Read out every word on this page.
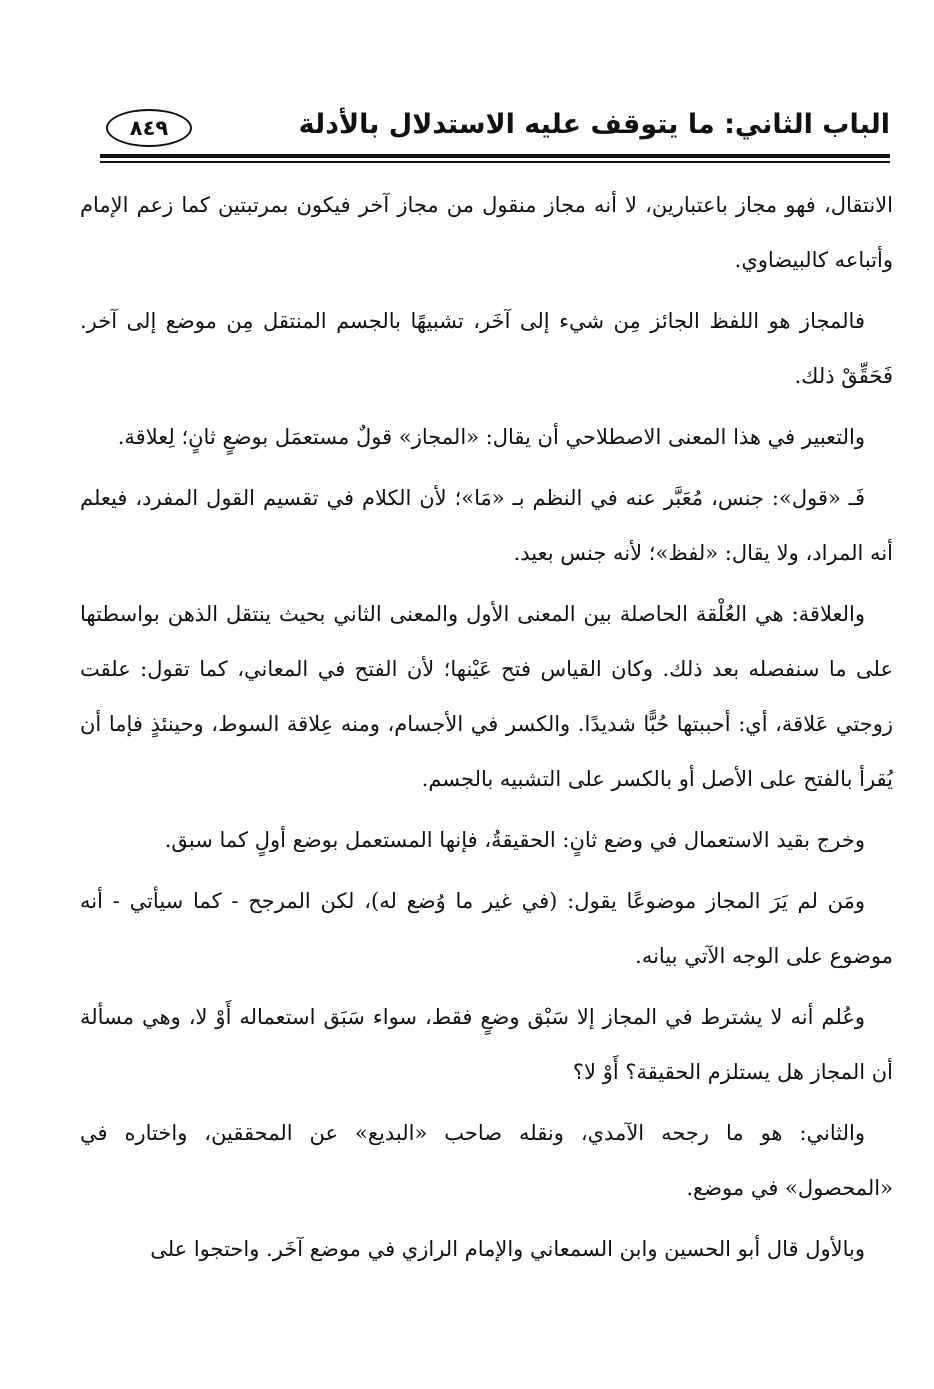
الباب الثاني: ما يتوقف عليه الاستدلال بالأدلة
٨٤٩

الانتقال، فهو مجاز باعتبارين، لا أنه مجاز منقول من مجاز آخر فيكون بمرتبتين كما زعم الإمام وأتباعه كالبيضاوي.

فالمجاز هو اللفظ الجائز مِن شيء إلى آخَر، تشبيهًا بالجسم المنتقل مِن موضع إلى آخر. فَحَقِّقْ ذلك.

والتعبير في هذا المعنى الاصطلاحي أن يقال: «المجاز» قولٌ مستعمَل بوضعٍ ثانٍ؛ لِعلاقة.

فَـ «قول»: جنس، مُعَبَّر عنه في النظم بـ «مَا»؛ لأن الكلام في تقسيم القول المفرد، فيعلم أنه المراد، ولا يقال: «لفظ»؛ لأنه جنس بعيد.

والعلاقة: هي العُلْقة الحاصلة بين المعنى الأول والمعنى الثاني بحيث ينتقل الذهن بواسطتها على ما سنفصله بعد ذلك. وكان القياس فتح عَيْنها؛ لأن الفتح في المعاني، كما تقول: علقت زوجتي عَلاقة، أي: أحببتها حُبًّا شديدًا. والكسر في الأجسام، ومنه عِلاقة السوط، وحينئذٍ فإما أن يُقرأ بالفتح على الأصل أو بالكسر على التشبيه بالجسم.

وخرج بقيد الاستعمال في وضع ثانٍ: الحقيقةُ، فإنها المستعمل بوضع أولٍ كما سبق.

ومَن لم يَرَ المجاز موضوعًا يقول: (في غير ما وُضع له)، لكن المرجح - كما سيأتي - أنه موضوع على الوجه الآتي بيانه.

وعُلم أنه لا يشترط في المجاز إلا سَبْق وضعٍ فقط، سواء سَبَق استعماله أَوْ لا، وهي مسألة أن المجاز هل يستلزم الحقيقة؟ أَوْ لا؟

والثاني: هو ما رجحه الآمدي، ونقله صاحب «البديع» عن المحققين، واختاره في «المحصول» في موضع.

وبالأول قال أبو الحسين وابن السمعاني والإمام الرازي في موضع آخَر. واحتجوا على
